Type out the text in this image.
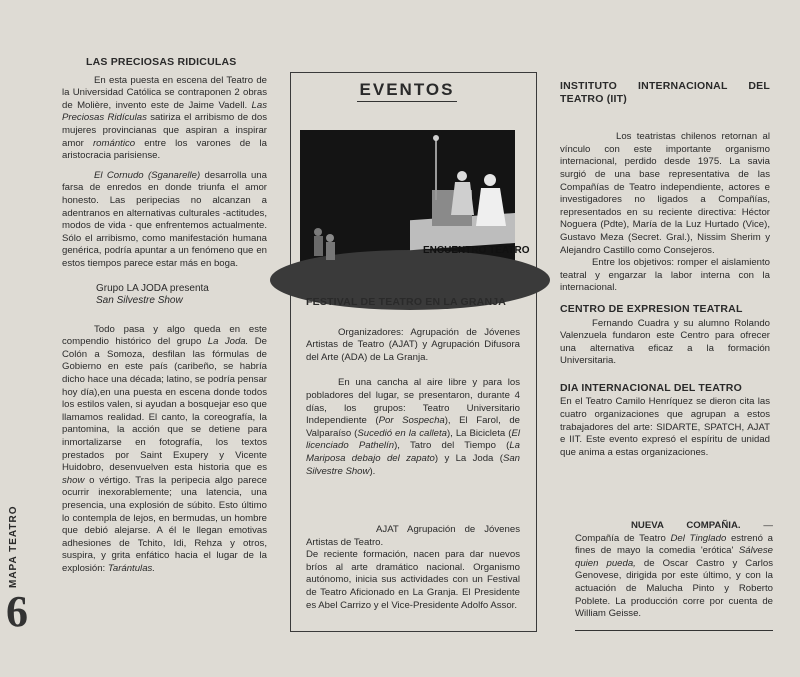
LAS PRECIOSAS RIDICULAS

En esta puesta en escena del Teatro de la Universidad Católica se contraponen 2 obras de Molière, invento este de Jaime Vadell. Las Preciosas Ridículas satiriza el arribismo de dos mujeres provincianas que aspiran a inspirar amor romántico entre los varones de la aristocracia parisiense.

El Cornudo (Sganarelle) desarrolla una farsa de enredos en donde triunfa el amor honesto. Las peripecias no alcanzan a adentranos en alternativas culturales -actitudes, modos de vida - que enfrentemos actualmente. Sólo el arribismo, como manifestación humana genérica, podría apuntar a un fenómeno que en estos tiempos parece estar más en boga.

Grupo LA JODA presenta
San Silvestre Show

Todo pasa y algo queda en este compendio histórico del grupo La Joda. De Colón a Somoza, desfilan las fórmulas de Gobierno en este país (caribeño, se habría dicho hace una década; latino, se podría pensar hoy día),en una puesta en escena donde todos los estilos valen, si ayudan a bosquejar eso que llamamos realidad. El canto, la coreografía, la pantomina, la acción que se detiene para inmortalizarse en fotografía, los textos prestados por Saint Exupery y Vicente Huidobro, desenvuelven esta historia que es show o vértigo. Tras la peripecia algo parece ocurrir inexorablemente; una latencia, una presencia, una explosión de súbito. Esto último lo contempla de lejos, en bermudas, un hombre que debió alejarse. A él le llegan emotivas adhesiones de Tchito, Idi, Rehza y otros, suspira, y grita enfático hacia el lugar de la explosión: Tarántulas.

EVENTOS
ENCUENTRO TEATRO
FESTIVAL DE TEATRO EN LA GRANJA

Organizadores: Agrupación de Jóvenes Artistas de Teatro (AJAT) y Agrupación Difusora del Arte (ADA) de La Granja.

En una cancha al aire libre y para los pobladores del lugar, se presentaron, durante 4 días, los grupos: Teatro Universitario Independiente (Por Sospecha), El Farol, de Valparaíso (Sucedió en la calleta), La Bicicleta (El licenciado Pathelín), Tatro del Tiempo (La Mariposa debajo del zapato) y La Joda (San Silvestre Show).

AJAT Agrupación de Jóvenes Artistas de Teatro.

De reciente formación, nacen para dar nuevos bríos al arte dramático nacional. Organismo autónomo, inicia sus actividades con un Festival de Teatro Aficionado en La Granja. El Presidente es Abel Carrizo y el Vice-Presidente Adolfo Assor.

INSTITUTO INTERNACIONAL DEL TEATRO (IIT)

Los teatristas chilenos retornan al vínculo con este importante organismo internacional, perdido desde 1975. La savia surgió de una base representativa de las Compañías de Teatro independiente, actores e investigadores no ligados a Compañías, representados en su reciente directiva: Héctor Noguera (Pdte), María de la Luz Hurtado (Vice), Gustavo Meza (Secret. Gral.), Nissim Sherim y Alejandro Castillo como Consejeros.

Entre los objetivos: romper el aislamiento teatral y engarzar la labor interna con la internacional.

CENTRO DE EXPRESION TEATRAL

Fernando Cuadra y su alumno Rolando Valenzuela fundaron este Centro para ofrecer una alternativa eficaz a la formación Universitaria.

DIA INTERNACIONAL DEL TEATRO

En el Teatro Camilo Henríquez se dieron cita las cuatro organizaciones que agrupan a estos trabajadores del arte: SIDARTE, SPATCH, AJAT e IIT. Este evento expresó el espíritu de unidad que anima a estas organizaciones.

NUEVA COMPAÑIA. — Compañía de Teatro Del Tinglado estrenó a fines de mayo la comedia 'erótica' Sálvese quien pueda, de Oscar Castro y Carlos Genovese, dirigida por este último, y con la actuación de Malucha Pinto y Roberto Poblete. La producción corre por cuenta de William Geisse.

MAPA TEATRO
6
